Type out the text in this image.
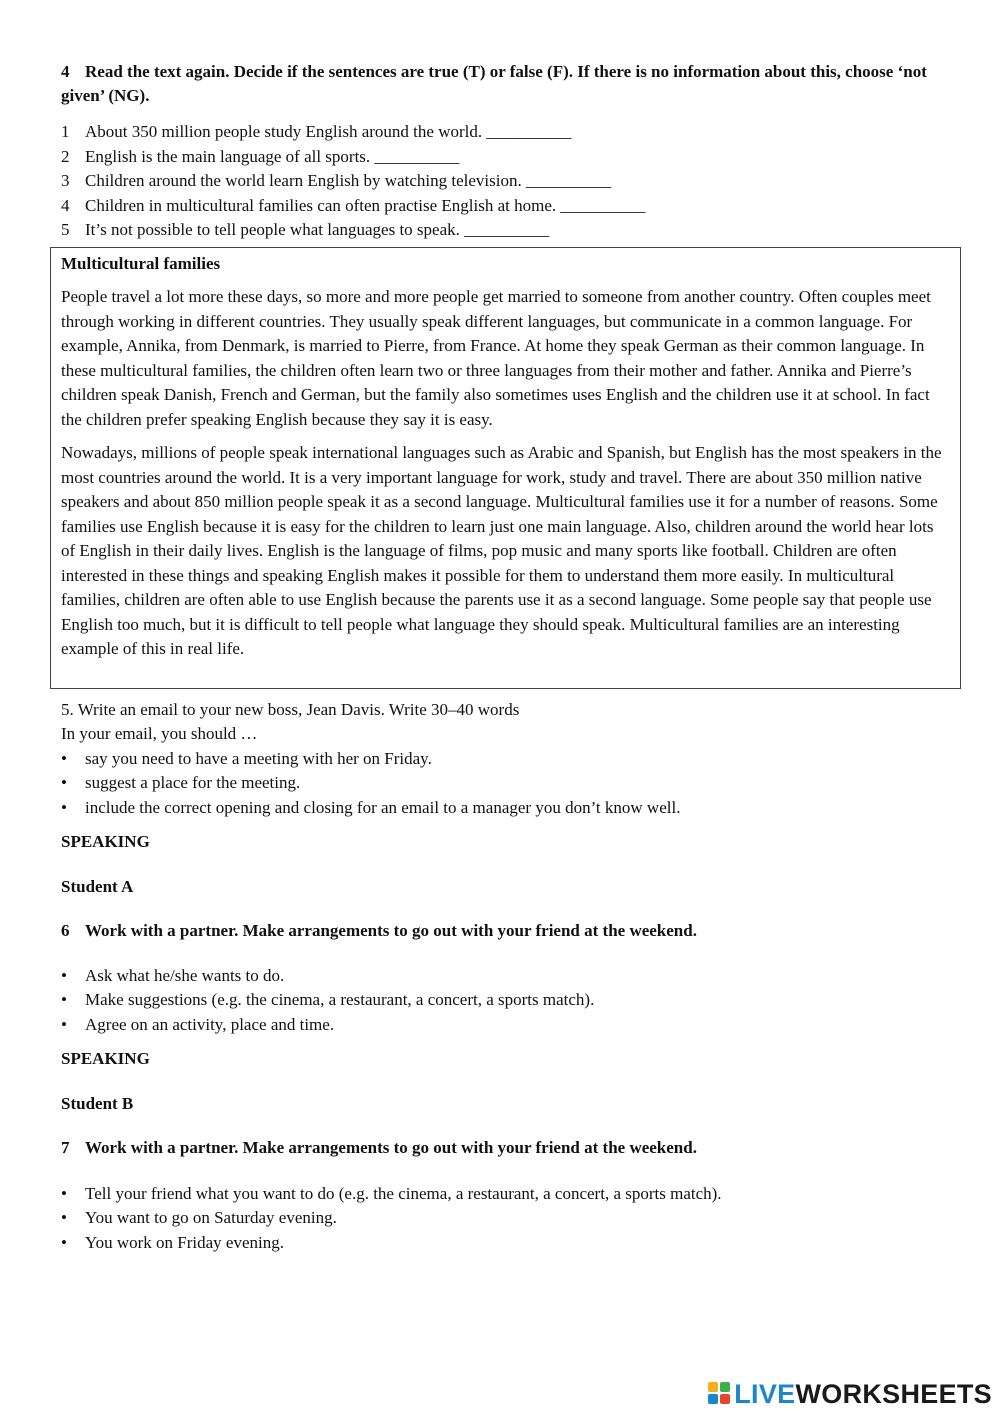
4 Read the text again. Decide if the sentences are true (T) or false (F). If there is no information about this, choose ‘not given’ (NG).
1 About 350 million people study English around the world. __________
2 English is the main language of all sports. __________
3 Children around the world learn English by watching television. __________
4 Children in multicultural families can often practise English at home. __________
5 It’s not possible to tell people what languages to speak. __________
Multicultural families

People travel a lot more these days, so more and more people get married to someone from another country. Often couples meet through working in different countries. They usually speak different languages, but communicate in a common language. For example, Annika, from Denmark, is married to Pierre, from France. At home they speak German as their common language. In these multicultural families, the children often learn two or three languages from their mother and father. Annika and Pierre’s children speak Danish, French and German, but the family also sometimes uses English and the children use it at school. In fact the children prefer speaking English because they say it is easy.

Nowadays, millions of people speak international languages such as Arabic and Spanish, but English has the most speakers in the most countries around the world. It is a very important language for work, study and travel. There are about 350 million native speakers and about 850 million people speak it as a second language. Multicultural families use it for a number of reasons. Some families use English because it is easy for the children to learn just one main language. Also, children around the world hear lots of English in their daily lives. English is the language of films, pop music and many sports like football. Children are often interested in these things and speaking English makes it possible for them to understand them more easily. In multicultural families, children are often able to use English because the parents use it as a second language. Some people say that people use English too much, but it is difficult to tell people what language they should speak. Multicultural families are an interesting example of this in real life.

5. Write an email to your new boss, Jean Davis. Write 30–40 words
In your email, you should …
•	say you need to have a meeting with her on Friday.
•	suggest a place for the meeting.
•	include the correct opening and closing for an email to a manager you don’t know well.
SPEAKING
Student A
6 Work with a partner. Make arrangements to go out with your friend at the weekend.
•	Ask what he/she wants to do.
•	Make suggestions (e.g. the cinema, a restaurant, a concert, a sports match).
•	Agree on an activity, place and time.
SPEAKING
Student B
7 Work with a partner. Make arrangements to go out with your friend at the weekend.
•	Tell your friend what you want to do (e.g. the cinema, a restaurant, a concert, a sports match).
•	You want to go on Saturday evening.
•	You work on Friday evening.
LIVEWORKSHEETS
